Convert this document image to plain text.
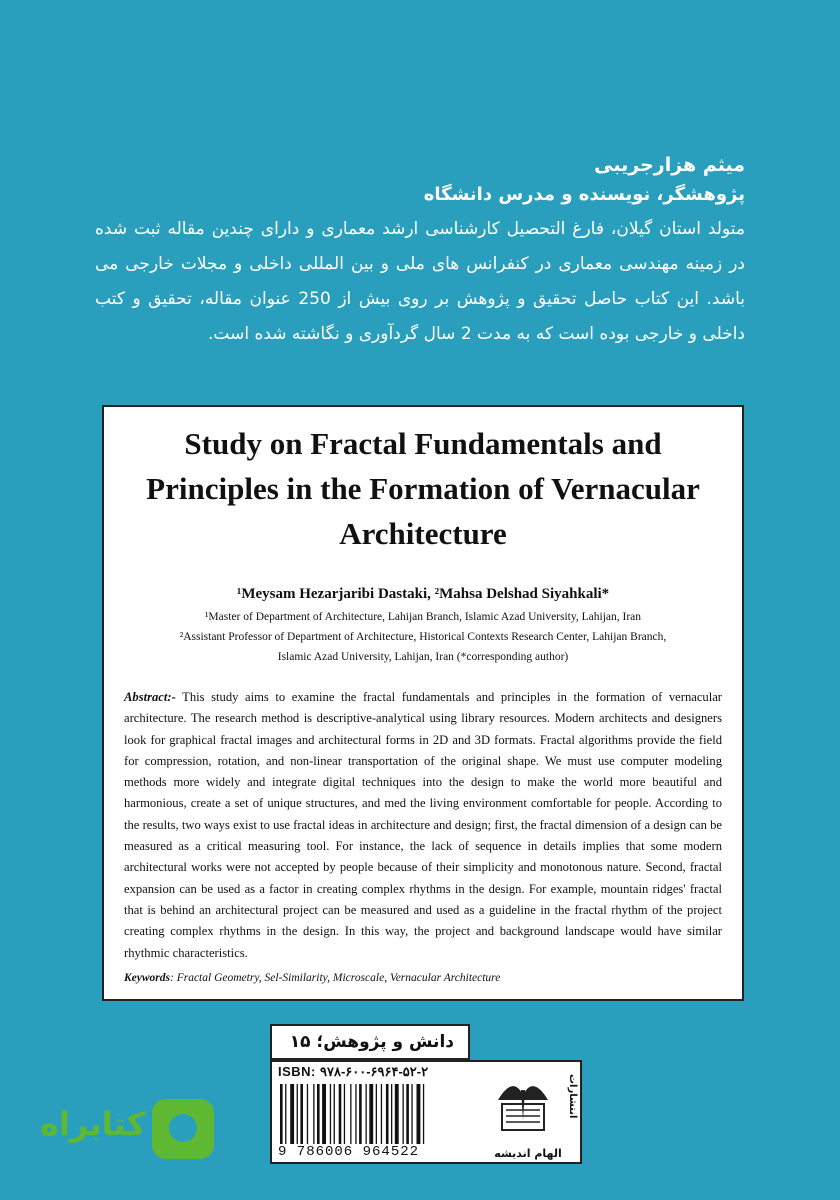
میثم هزارجریبی
پژوهشگر، نویسنده و مدرس دانشگاه
متولد استان گیلان، فارغ التحصیل کارشناسی ارشد معماری و دارای چندین مقاله ثبت شده در زمینه مهندسی معماری در کنفرانس های ملی و بین المللی داخلی و مجلات خارجی می باشد. این کتاب حاصل تحقیق و پژوهش بر روی بیش از 250 عنوان مقاله، تحقیق و کتب داخلی و خارجی بوده است که به مدت 2 سال گردآوری و نگاشته شده است.
Study on Fractal Fundamentals and
Principles in the Formation of Vernacular
Architecture
¹Meysam Hezarjaribi Dastaki, ²Mahsa Delshad Siyahkali*
¹Master of Department of Architecture, Lahijan Branch, Islamic Azad University, Lahijan, Iran
²Assistant Professor of Department of Architecture, Historical Contexts Research Center, Lahijan Branch,
Islamic Azad University, Lahijan, Iran (*corresponding author)
Abstract:- This study aims to examine the fractal fundamentals and principles in the formation of vernacular architecture. The research method is descriptive-analytical using library resources. Modern architects and designers look for graphical fractal images and architectural forms in 2D and 3D formats. Fractal algorithms provide the field for compression, rotation, and non-linear transportation of the original shape. We must use computer modeling methods more widely and integrate digital techniques into the design to make the world more beautiful and harmonious, create a set of unique structures, and med the living environment comfortable for people. According to the results, two ways exist to use fractal ideas in architecture and design; first, the fractal dimension of a design can be measured as a critical measuring tool. For instance, the lack of sequence in details implies that some modern architectural works were not accepted by people because of their simplicity and monotonous nature. Second, fractal expansion can be used as a factor in creating complex rhythms in the design. For example, mountain ridges' fractal that is behind an architectural project can be measured and used as a guideline in the fractal rhythm of the project creating complex rhythms in the design. In this way, the project and background landscape would have similar rhythmic characteristics.
Keywords: Fractal Geometry, Sel-Similarity, Microscale, Vernacular Architecture
دانش و پژوهش؛ ۱۵
ISBN: ۹۷۸-۶۰۰-۶۹۶۴-۵۲-۲
9 786006 964522
انتشارات
الهام اندیشه
کتابراه
